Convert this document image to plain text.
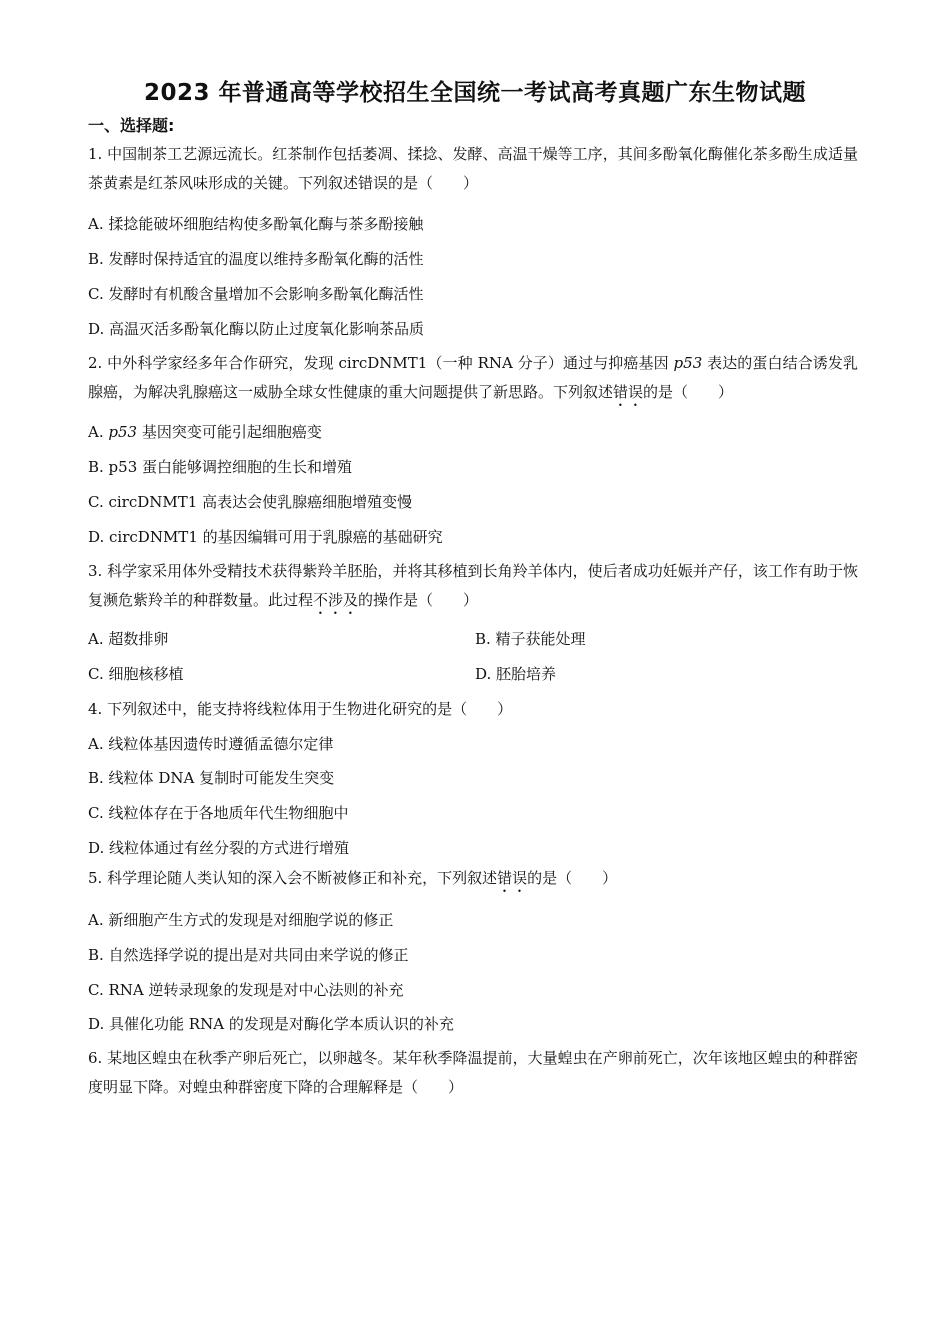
2023 年普通高等学校招生全国统一考试高考真题广东生物试题
一、选择题:
1. 中国制茶工艺源远流长。红茶制作包括萎凋、揉捻、发酵、高温干燥等工序，其间多酚氧化酶催化茶多酚生成适量茶黄素是红茶风味形成的关键。下列叙述错误的是（　　）
A. 揉捻能破坏细胞结构使多酚氧化酶与茶多酚接触
B. 发酵时保持适宜的温度以维持多酚氧化酶的活性
C. 发酵时有机酸含量增加不会影响多酚氧化酶活性
D. 高温灭活多酚氧化酶以防止过度氧化影响茶品质
2. 中外科学家经多年合作研究，发现 circDNMT1（一种 RNA 分子）通过与抑癌基因 p53 表达的蛋白结合诱发乳腺癌，为解决乳腺癌这一威胁全球女性健康的重大问题提供了新思路。下列叙述错误的是（　　）
A. p53 基因突变可能引起细胞癌变
B. p53 蛋白能够调控细胞的生长和增殖
C. circDNMT1 高表达会使乳腺癌细胞增殖变慢
D. circDNMT1 的基因编辑可用于乳腺癌的基础研究
3. 科学家采用体外受精技术获得紫羚羊胚胎，并将其移植到长角羚羊体内，使后者成功妊娠并产仔，该工作有助于恢复濒危紫羚羊的种群数量。此过程不涉及的操作是（　　）
A. 超数排卵	B. 精子获能处理
C. 细胞核移植	D. 胚胎培养
4. 下列叙述中，能支持将线粒体用于生物进化研究的是（　　）
A. 线粒体基因遗传时遵循孟德尔定律
B. 线粒体 DNA 复制时可能发生突变
C. 线粒体存在于各地质年代生物细胞中
D. 线粒体通过有丝分裂的方式进行增殖
5. 科学理论随人类认知的深入会不断被修正和补充，下列叙述错误的是（　　）
A. 新细胞产生方式的发现是对细胞学说的修正
B. 自然选择学说的提出是对共同由来学说的修正
C. RNA 逆转录现象的发现是对中心法则的补充
D. 具催化功能 RNA 的发现是对酶化学本质认识的补充
6. 某地区蝗虫在秋季产卵后死亡，以卵越冬。某年秋季降温提前，大量蝗虫在产卵前死亡，次年该地区蝗虫的种群密度明显下降。对蝗虫种群密度下降的合理解释是（　　）
